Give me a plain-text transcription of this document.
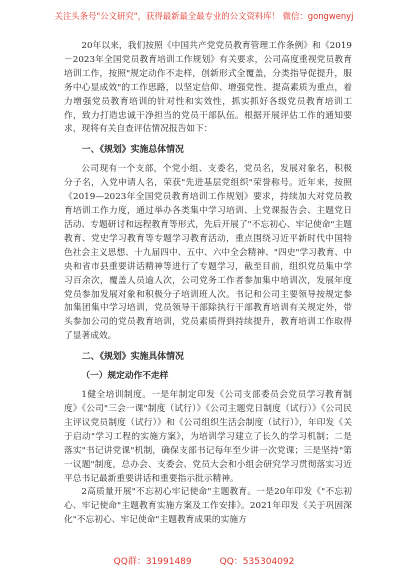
关注头条号"公文研究"，获得最新最全最专业的公文资料库！ 微信：gongwenyj

20年以来，我们按照《中国共产党党员教育管理工作条例》和《2019－2023年全国党员教育培训工作规划》有关要求，公司高度重视党员教育培训工作，按照"规定动作不走样，创新形式全覆盖，分类指导促提升，服务中心显成效"的工作思路，以坚定信仰、增强党性、提高素质为重点，着力增强党员教育培训的针对性和实效性，抓实抓好各级党员教育培训工作，致力打造忠诚干净担当的党员干部队伍。根据开展评估工作的通知要求，现将有关自查评估情况报告如下：

一、《规划》实施总体情况

公司现有一个支部，个党小组、支委名，党员名，发展对象名，积极分子名，入党申请人名，荣获"先进基层党组织"荣誉称号。近年来，按照《2019—2023年全国党员教育培训工作规划》要求，持续加大对党员教育培训工作力度，通过举办各类集中学习培训、上党课报告会、主题党日活动、专题研讨和远程教育等形式，先后开展了"不忘初心、牢记使命"主题教育、党史学习教育等专题学习教育活动，重点围绕习近平新时代中国特色社会主义思想、十九届四中、五中、六中全会精神、"四史"学习教育、中央和省市县重要讲话精神等进行了专题学习，截至目前，组织党员集中学习百余次，覆盖人员逾人次，公司党务工作者参加集中培训次，发展年度党员参加发展对象和积极分子培训班人次。书记和公司主要领导按规定参加集团集中学习培训，党员领导干部除执行干部教育培训有关规定外，带头参加公司的党员教育培训，党员素质得到持续提升，教育培训工作取得了显著成效。

二、《规划》实施具体情况
（一）规定动作不走样

1健全培训制度。一是年制定印发《公司支部委员会党员学习教育制度》《公司"三会一课"制度（试行）》《公司主题党日制度（试行）》《公司民主评议党员制度（试行）》和《公司组织生活会制度（试行）》，年印发《关于启动"学习工程的实施方案》，为培训学习建立了长久的学习机制；二是落实"书记讲党课"机制，确保支部书记每年至少讲一次党课；三是坚持"第一议题"制度，总办会、支委会、党员大会和小组会研究学习贯彻落实习近平总书记最新重要讲话和重要指示批示精神。

2高质量开展"不忘初心牢记使命"主题教育。一是20年印发《"不忘初心、牢记使命"主题教育实施方案及工作安排》。2021年印发《关于巩固深化"不忘初心、牢记使命"主题教育成果的实施方

QQ群：31991489	QQ：535304092
